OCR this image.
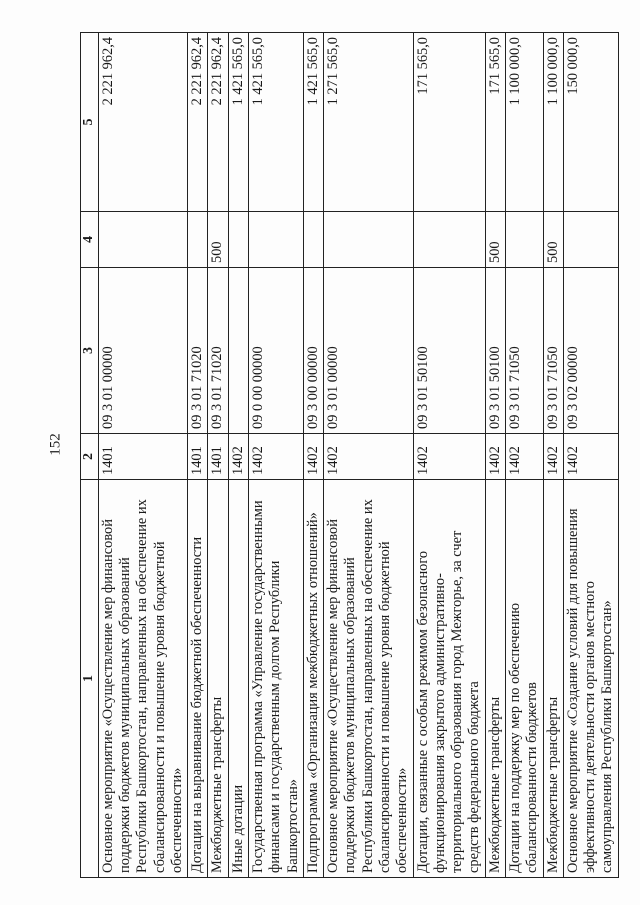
152
1	2	3	4	5
Основное мероприятие «Осуществление мер финансовой поддержки бюджетов муниципальных образований Республики Башкортостан, направленных на обеспечение их сбалансированности и повышение уровня бюджетной обеспеченности»	1401	09 3 01 00000		2 221 962,4
Дотации на выравнивание бюджетной обеспеченности	1401	09 3 01 71020		2 221 962,4
Межбюджетные трансферты	1401	09 3 01 71020	500	2 221 962,4
Иные дотации	1402			1 421 565,0
Государственная программа «Управление государственными финансами и государственным долгом Республики Башкортостан»	1402	09 0 00 00000		1 421 565,0
Подпрограмма «Организация межбюджетных отношений»	1402	09 3 00 00000		1 421 565,0
Основное мероприятие «Осуществление мер финансовой поддержки бюджетов муниципальных образований Республики Башкортостан, направленных на обеспечение их сбалансированности и повышение уровня бюджетной обеспеченности»	1402	09 3 01 00000		1 271 565,0
Дотации, связанные с особым режимом безопасного функционирования закрытого административно-территориального образования город Межгорье, за счет средств федерального бюджета	1402	09 3 01 50100		171 565,0
Межбюджетные трансферты	1402	09 3 01 50100	500	171 565,0
Дотации на поддержку мер по обеспечению сбалансированности бюджетов	1402	09 3 01 71050		1 100 000,0
Межбюджетные трансферты	1402	09 3 01 71050	500	1 100 000,0
Основное мероприятие «Создание условий для повышения эффективности деятельности органов местного самоуправления Республики Башкортостан»	1402	09 3 02 00000		150 000,0
